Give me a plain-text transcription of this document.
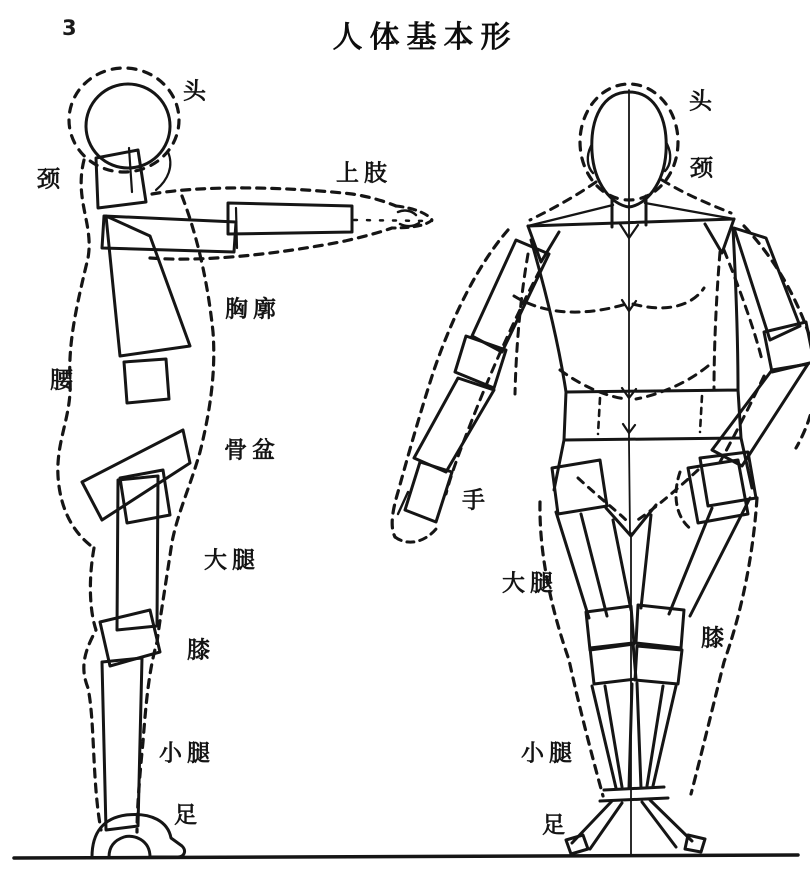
3	人体基本形
头
颈	上肢
胸廓
腰
骨盆
大腿
膝
小腿
足
头
颈
手
大腿
膝
小腿
足
